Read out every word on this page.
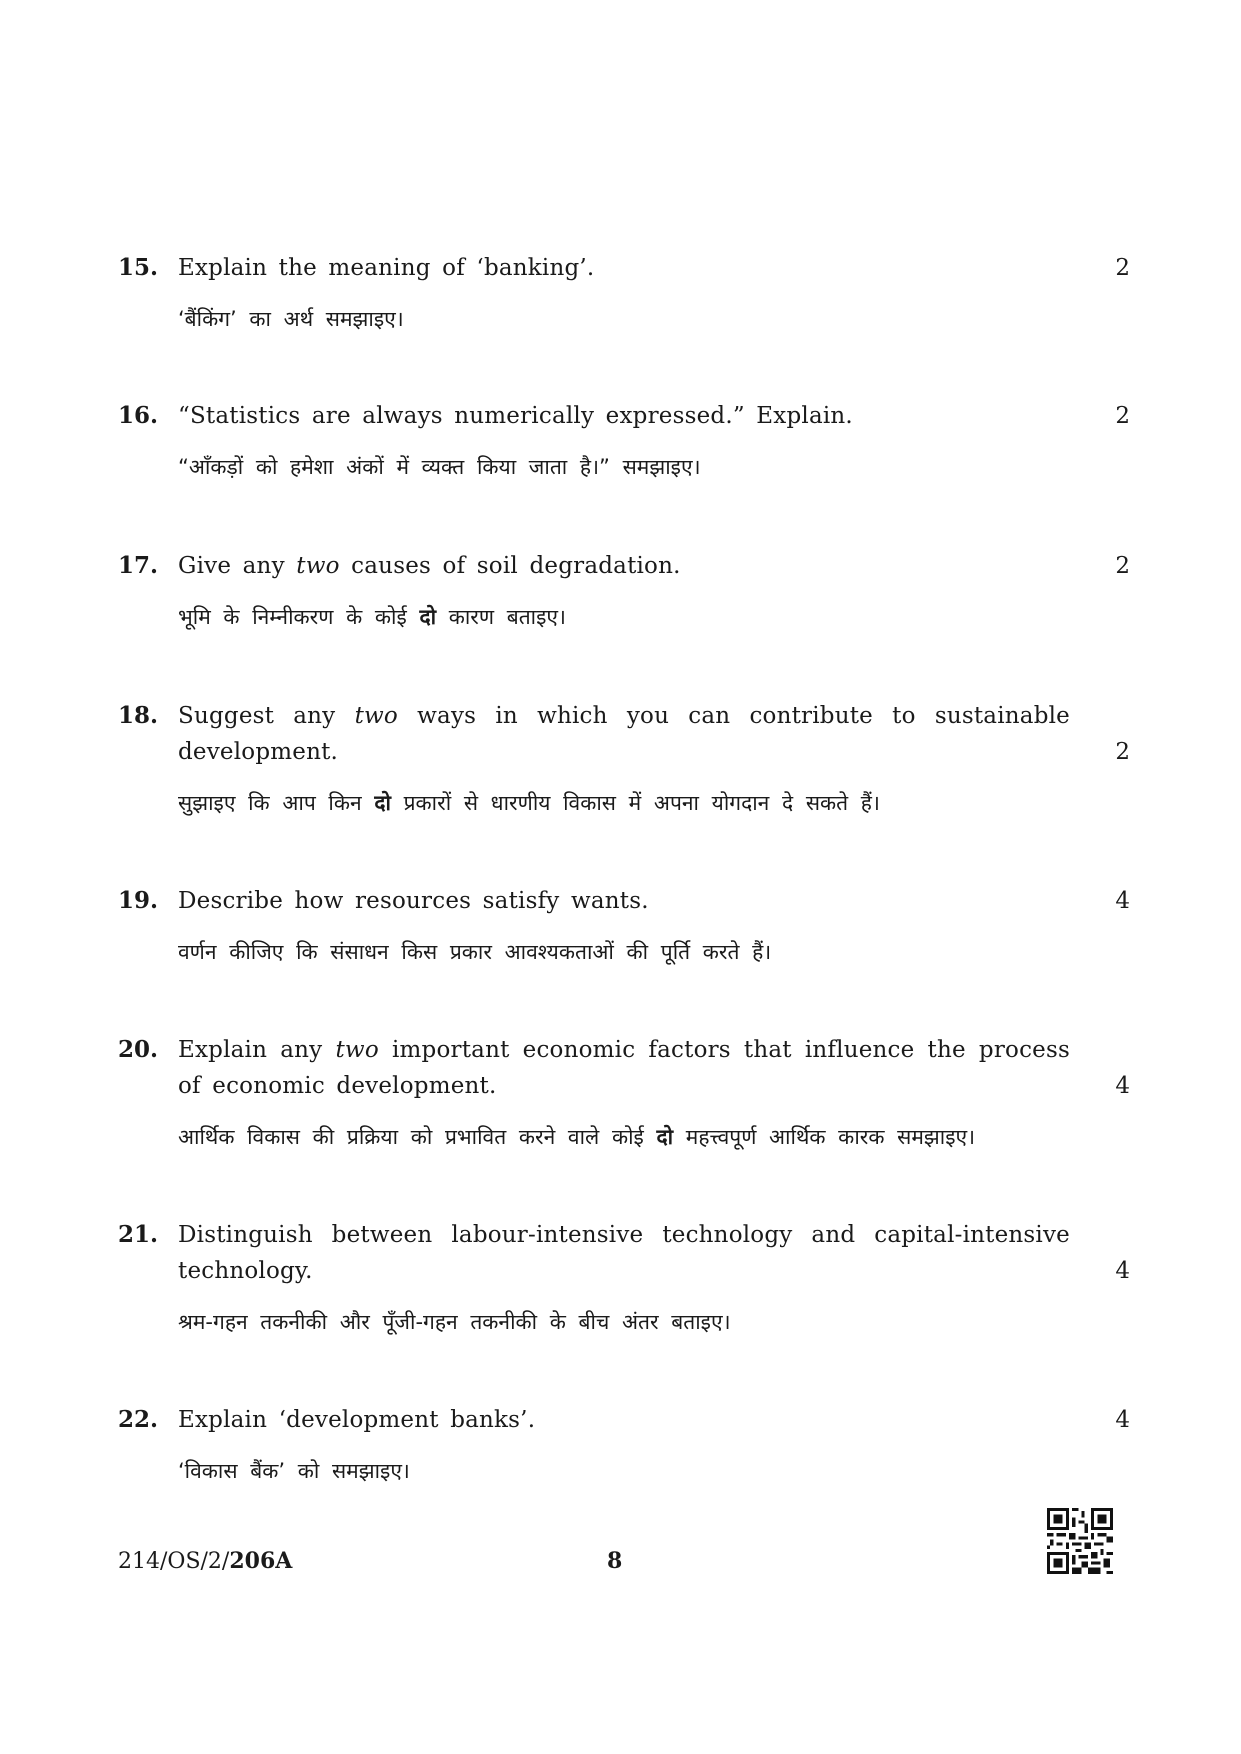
15. Explain the meaning of ‘banking’.	2
‘बैंकिंग’ का अर्थ समझाइए।
16. “Statistics are always numerically expressed.” Explain.	2
“आँकड़ों को हमेशा अंकों में व्यक्त किया जाता है।” समझाइए।
17. Give any two causes of soil degradation.	2
भूमि के निम्नीकरण के कोई दो कारण बताइए।
18. Suggest any two ways in which you can contribute to sustainable development.	2
सुझाइए कि आप किन दो प्रकारों से धारणीय विकास में अपना योगदान दे सकते हैं।
19. Describe how resources satisfy wants.	4
वर्णन कीजिए कि संसाधन किस प्रकार आवश्यकताओं की पूर्ति करते हैं।
20. Explain any two important economic factors that influence the process of economic development.	4
आर्थिक विकास की प्रक्रिया को प्रभावित करने वाले कोई दो महत्त्वपूर्ण आर्थिक कारक समझाइए।
21. Distinguish between labour-intensive technology and capital-intensive technology.	4
श्रम-गहन तकनीकी और पूँजी-गहन तकनीकी के बीच अंतर बताइए।
22. Explain ‘development banks’.	4
‘विकास बैंक’ को समझाइए।
214/OS/2/206A	8
